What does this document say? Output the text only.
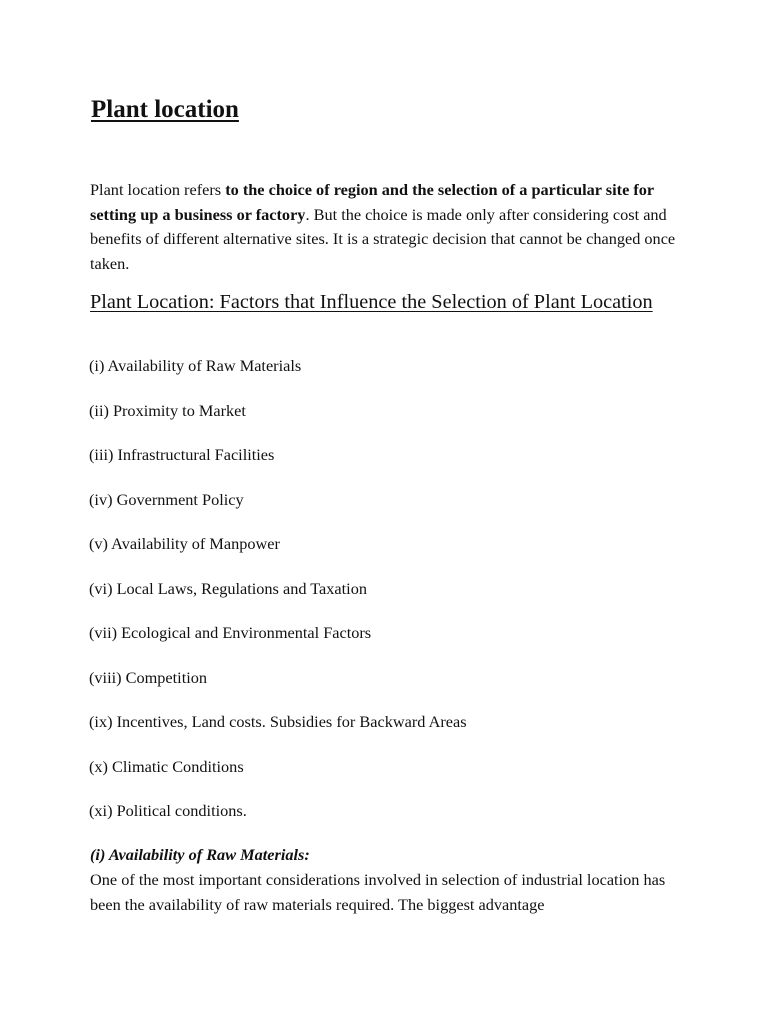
Plant location

Plant location refers to the choice of region and the selection of a particular site for setting up a business or factory. But the choice is made only after considering cost and benefits of different alternative sites. It is a strategic decision that cannot be changed once taken.

Plant Location: Factors that Influence the Selection of Plant Location
(i) Availability of Raw Materials
(ii) Proximity to Market
(iii) Infrastructural Facilities
(iv) Government Policy
(v) Availability of Manpower
(vi) Local Laws, Regulations and Taxation
(vii) Ecological and Environmental Factors
(viii) Competition
(ix) Incentives, Land costs. Subsidies for Backward Areas
(x) Climatic Conditions
(xi) Political conditions.

(i) Availability of Raw Materials:

One of the most important considerations involved in selection of industrial location has been the availability of raw materials required. The biggest advantage
